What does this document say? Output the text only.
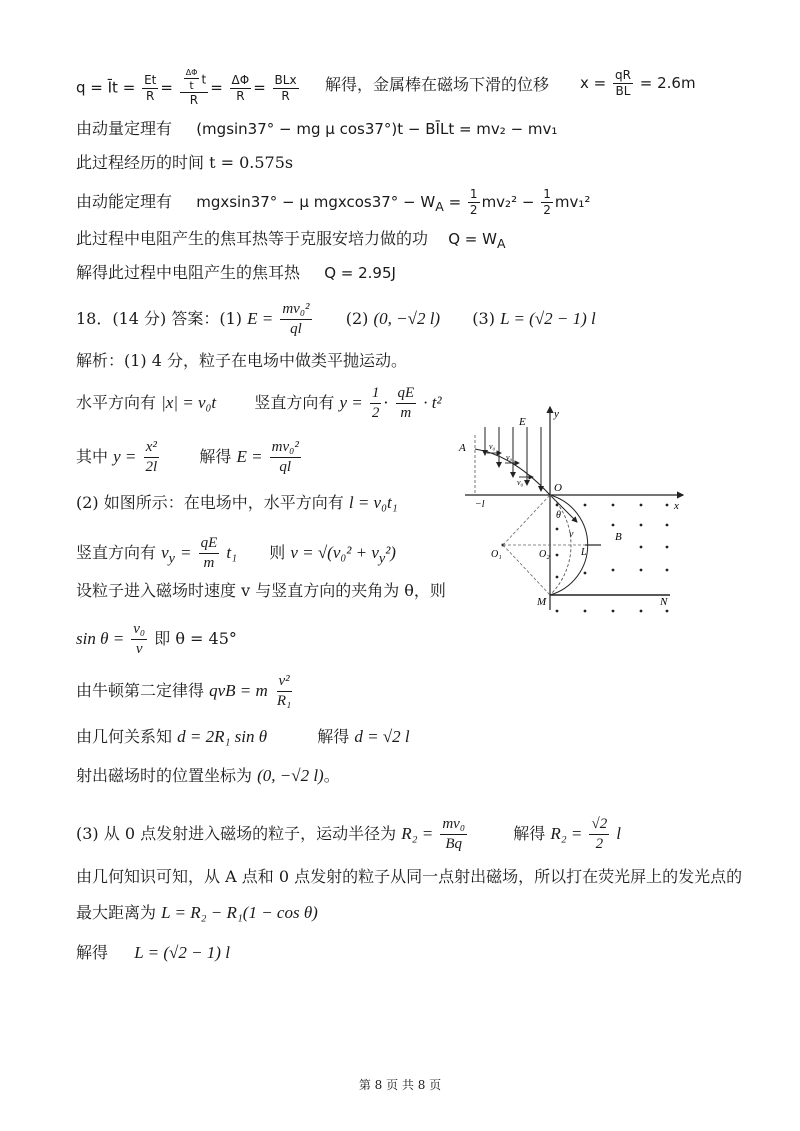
q = Īt = $\frac{Et}{R} = \frac{\frac{\Delta\Phi}{t} t}{R} = \frac{\Delta\Phi}{R} = \frac{\text{BLx}}{R}$ 解得，金属棒在磁场下滑的位移 $x = \frac{qR}{BL} = 2.6m$
由动量定理有 (mgsin37° − mg μ cos37°)t − BĪLt = mv₂ − mv₁
此过程经历的时间 t = 0.575s
由动能定理有 mgxsin37° − μ $mgxcos37^\circ - W_A = \frac{1}{2} mv_2^2 - \frac{1}{2} mv_1^2$
此过程中电阻产生的焦耳热等于克服安培力做的功 $Q = W_A$
解得此过程中电阻产生的焦耳热 Q = 2.95J
18．(14 分) 答案：(1) $E = \frac{\text{mv₀²}}{ql} (2)$ (0, −√2 l) (3) L = (√2 − 1) l
解析：(1) 4 分，粒子在电场中做类平抛运动。
水平方向有 |x| = v₀t 竖直方向有 $y = \frac{1}{2} \cdot \frac{qE}{m} \cdot t^2$
其中 $y = \frac{\text{x²}}{2l}$	解得 $E = \frac{\text{mv₀²}}{ql}$
(2) 如图所示：在电场中，水平方向有 l = v₀t₁
竖直方向有 $v_y = \frac{qE}{m} t_1$ 则 $v = √(v_0^2 + v_y^2)$
设粒子进入磁场时速度 v 与竖直方向的夹角为 θ，则
$\sin \theta = \frac{\text{v₀}}{v}$ 即 θ = 45°
由牛顿第二定律得 qvB = m $\frac{\text{v²}}{\text{R₁}}$
由几何关系知 d = 2R₁ sin θ	解得 d = √2 l
射出磁场时的位置坐标为 (0, −√2 l)。
(3) 从 0 点发射进入磁场的粒子，运动半径为 $R_2 = \frac{\text{mv₀}}{Bq}$	解得 $R_2 = \frac{√2}{2}$ l
由几何知识可知，从 A 点和 0 点发射的粒子从同一点射出磁场，所以打在荧光屏上的发光点的
最大距离为 L = R₂ − R₁(1 − cos θ)
解得 L = (√2 − 1) l
y
x
E
A
−l
v₀
v₀
v₀	O
v
θ
O₁	O₂	L
B
M	N
第 8 页 共 8 页
